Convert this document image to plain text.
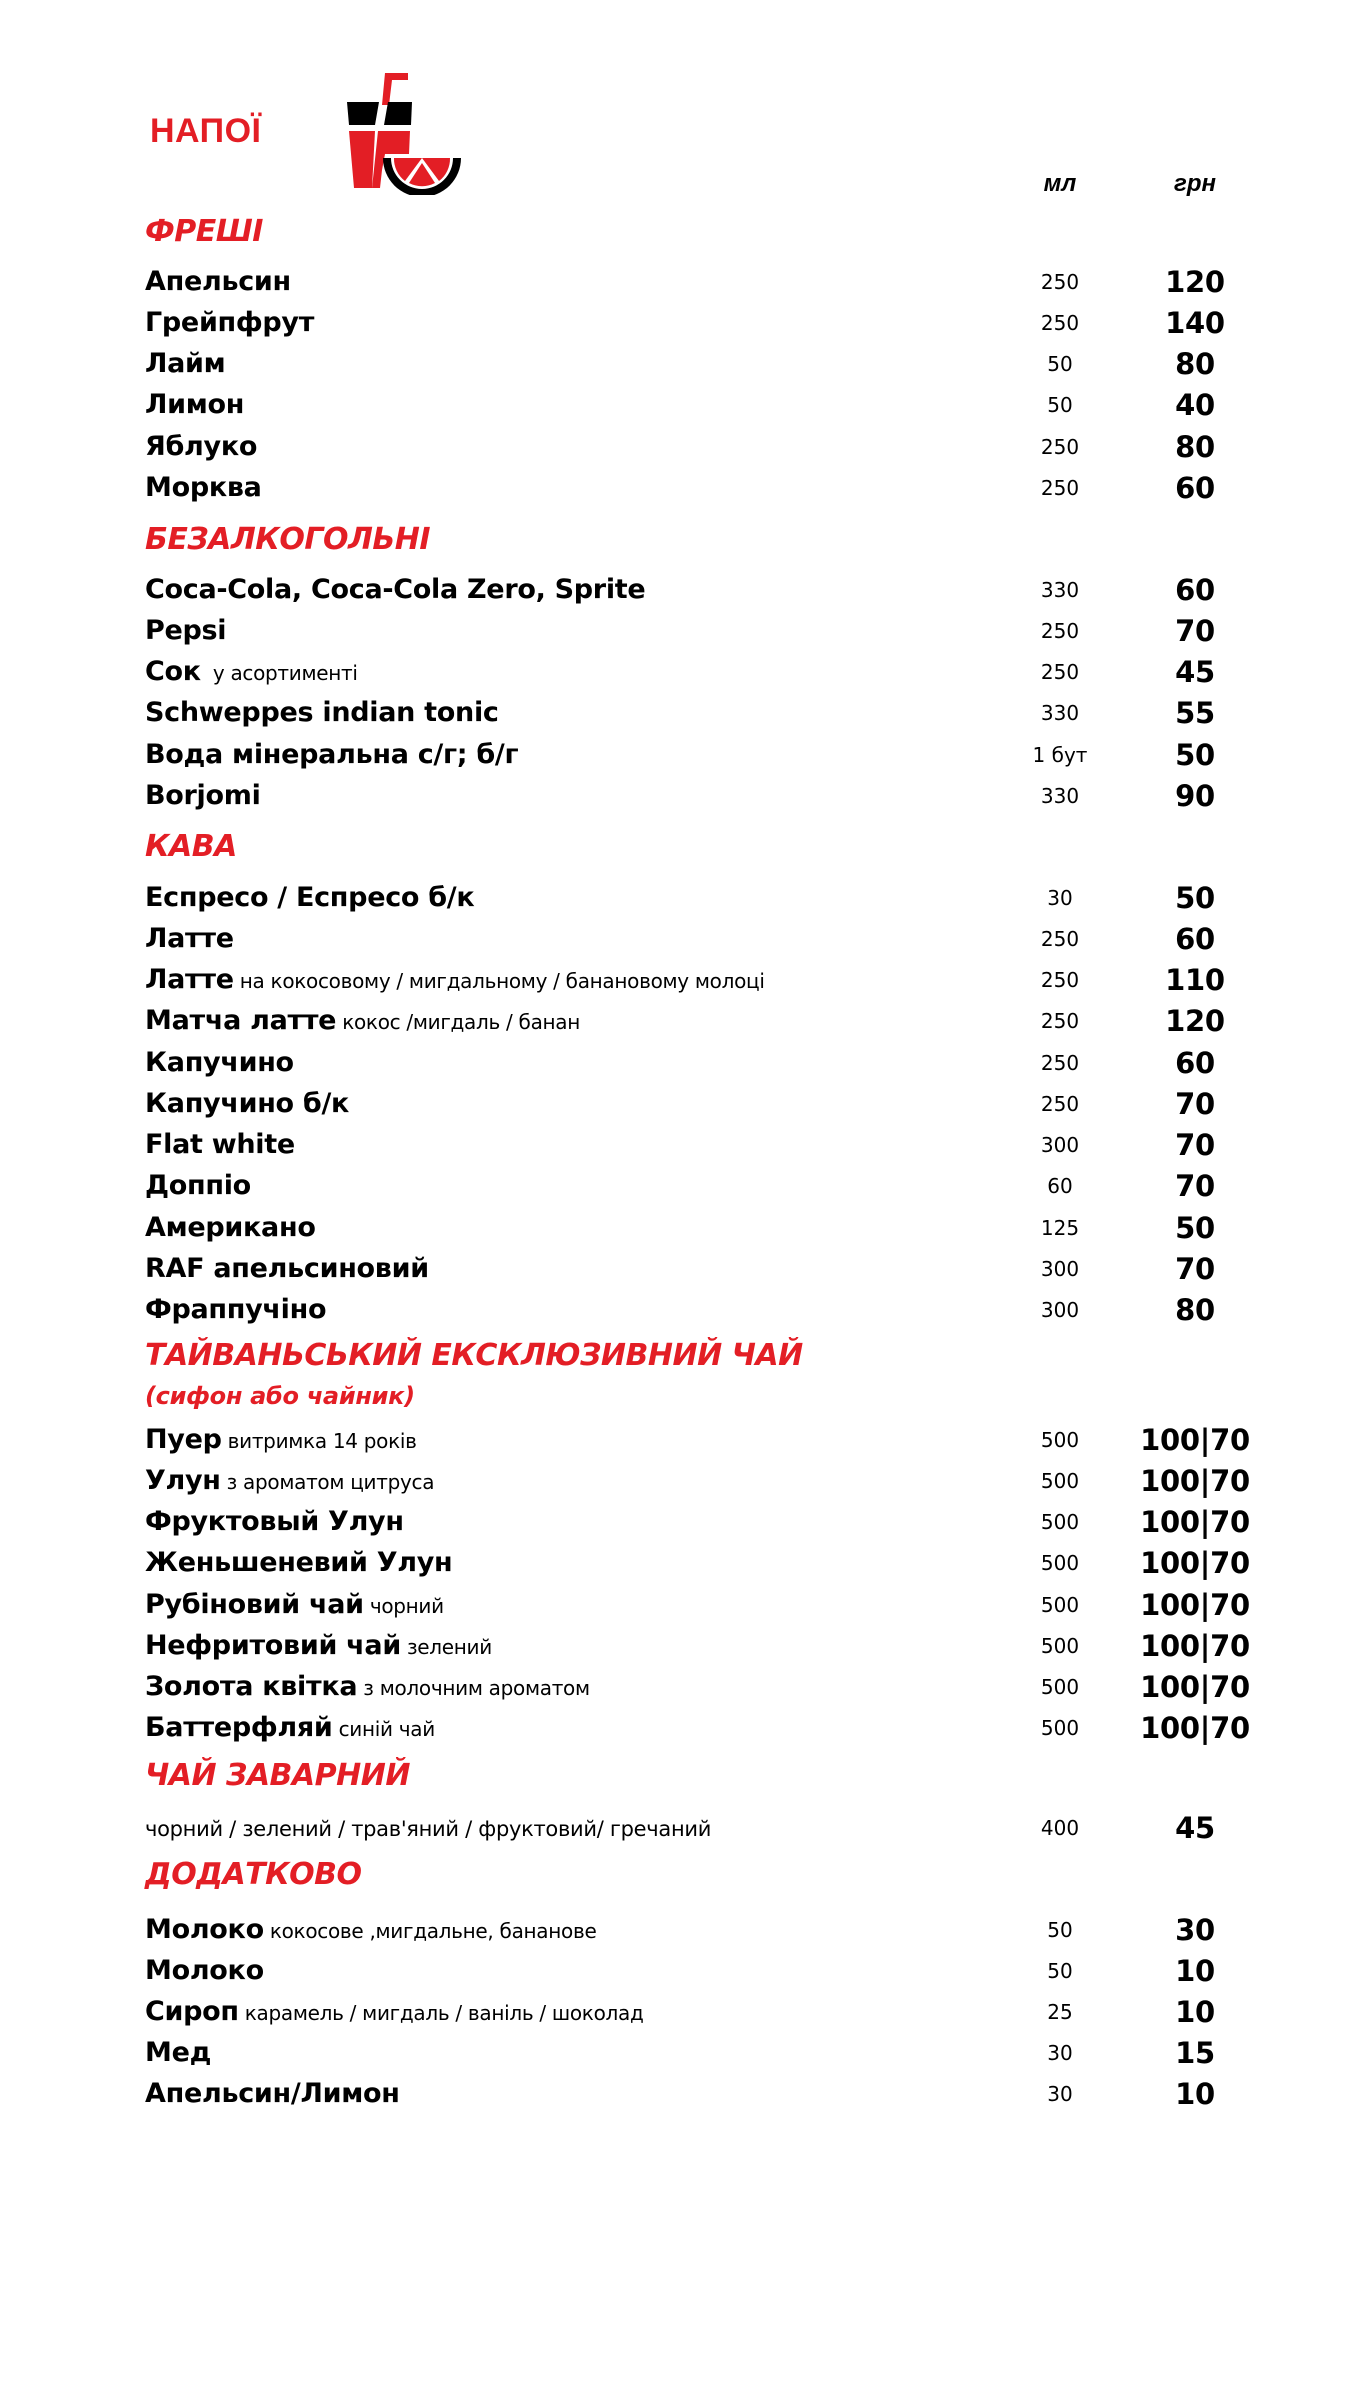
НАПОЇ
мл	грн
ФРЕШІ
Апельсин	250	120
Грейпфрут	250	140
Лайм	50	80
Лимон	50	40
Яблуко	250	80
Морква	250	60
БЕЗАЛКОГОЛЬНІ
Coca-Cola, Coca-Cola Zero, Sprite	330	60
Pepsi	250	70
Сок у асортименті	250	45
Schweppes indian tonic	330	55
Вода мінеральна с/г; б/г	1 бут	50
Borjomi	330	90
КАВА
Еспресо / Еспресо б/к	30	50
Латте	250	60
Латте на кокосовому / мигдальному / банановому молоці	250	110
Матча латте кокос /мигдаль / банан	250	120
Капучино	250	60
Капучино б/к	250	70
Flat white	300	70
Доппіо	60	70
Американо	125	50
RAF апельсиновий	300	70
Фраппучіно	300	80
ТАЙВАНЬСЬКИЙ ЕКСКЛЮЗИВНИЙ ЧАЙ
(сифон або чайник)
Пуер витримка 14 років	500	100|70
Улун з ароматом цитруса	500	100|70
Фруктовый Улун	500	100|70
Женьшеневий Улун	500	100|70
Рубіновий чай чорний	500	100|70
Нефритовий чай зелений	500	100|70
Золота квітка з молочним ароматом	500	100|70
Баттерфляй синій чай	500	100|70
ЧАЙ ЗАВАРНИЙ
чорний / зелений / трав'яний / фруктовий/ гречаний	400	45
ДОДАТКОВО
Молоко кокосове ,мигдальне, бананове	50	30
Молоко	50	10
Сироп карамель / мигдаль / ваніль / шоколад	25	10
Мед	30	15
Апельсин/Лимон	30	10
